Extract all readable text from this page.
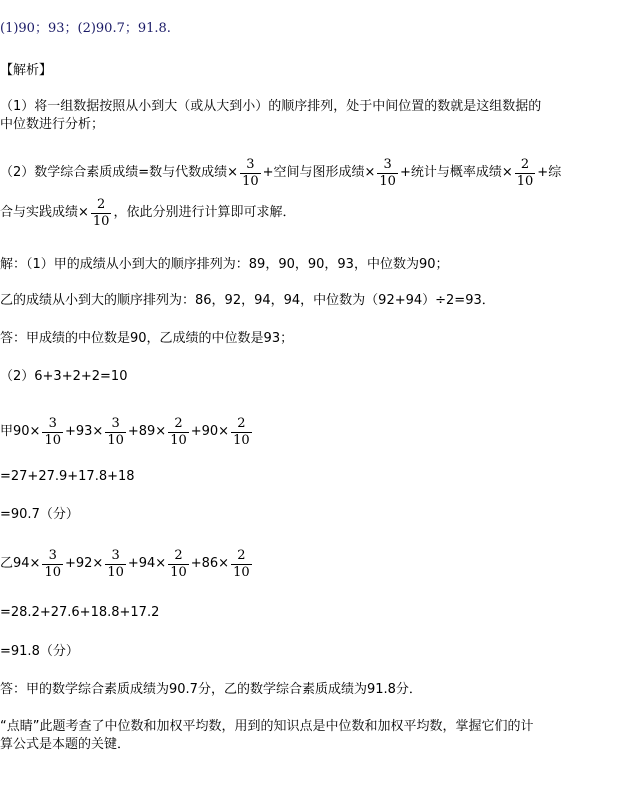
(1)90；93；(2)90.7；91.8.
【解析】
（1）将一组数据按照从小到大（或从大到小）的顺序排列，处于中间位置的数就是这组数据的
中位数进行分析；
（2）数学综合素质成绩=数与代数成绩× $\frac{3}{10}$ +空间与图形成绩× $\frac{3}{10}$ +统计与概率成绩× $\frac{2}{10}$ +综
合与实践成绩× $\frac{2}{10}$ ，依此分别进行计算即可求解．
解：（1）甲的成绩从小到大的顺序排列为：89，90，90，93，中位数为90；
乙的成绩从小到大的顺序排列为：86，92，94，94，中位数为（92+94）÷2=93．
答：甲成绩的中位数是90，乙成绩的中位数是93；
（2）6+3+2+2=10
甲$90\times \frac{3}{10} +93\times \frac{3}{10} +89\times \frac{2}{10} +90\times \frac{2}{10}$
=27+27.9+17.8+18
=90.7（分）
乙$94\times \frac{3}{10} +92\times \frac{3}{10} +94\times \frac{2}{10} +86\times \frac{2}{10}$
=28.2+27.6+18.8+17.2
=91.8（分）
答：甲的数学综合素质成绩为90.7分，乙的数学综合素质成绩为91.8分．
“点睛”此题考查了中位数和加权平均数，用到的知识点是中位数和加权平均数，掌握它们的计
算公式是本题的关键．
